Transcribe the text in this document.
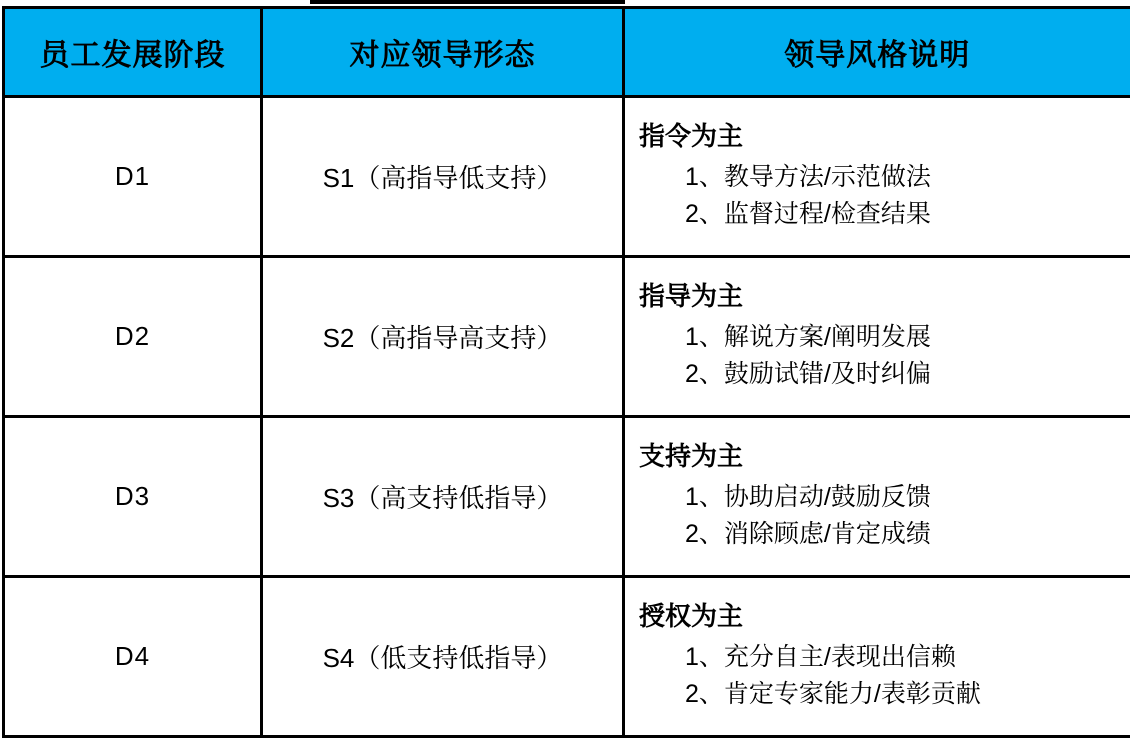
员工发展阶段	对应领导形态	领导风格说明
D1	S1（高指导低支持）	指令为主
1、教导方法/示范做法
2、监督过程/检查结果

D2	S2（高指导高支持）	指导为主
1、解说方案/阐明发展
2、鼓励试错/及时纠偏

D3	S3（高支持低指导）	支持为主
1、协助启动/鼓励反馈
2、消除顾虑/肯定成绩

D4	S4（低支持低指导）	授权为主
1、充分自主/表现出信赖
2、肯定专家能力/表彰贡献
